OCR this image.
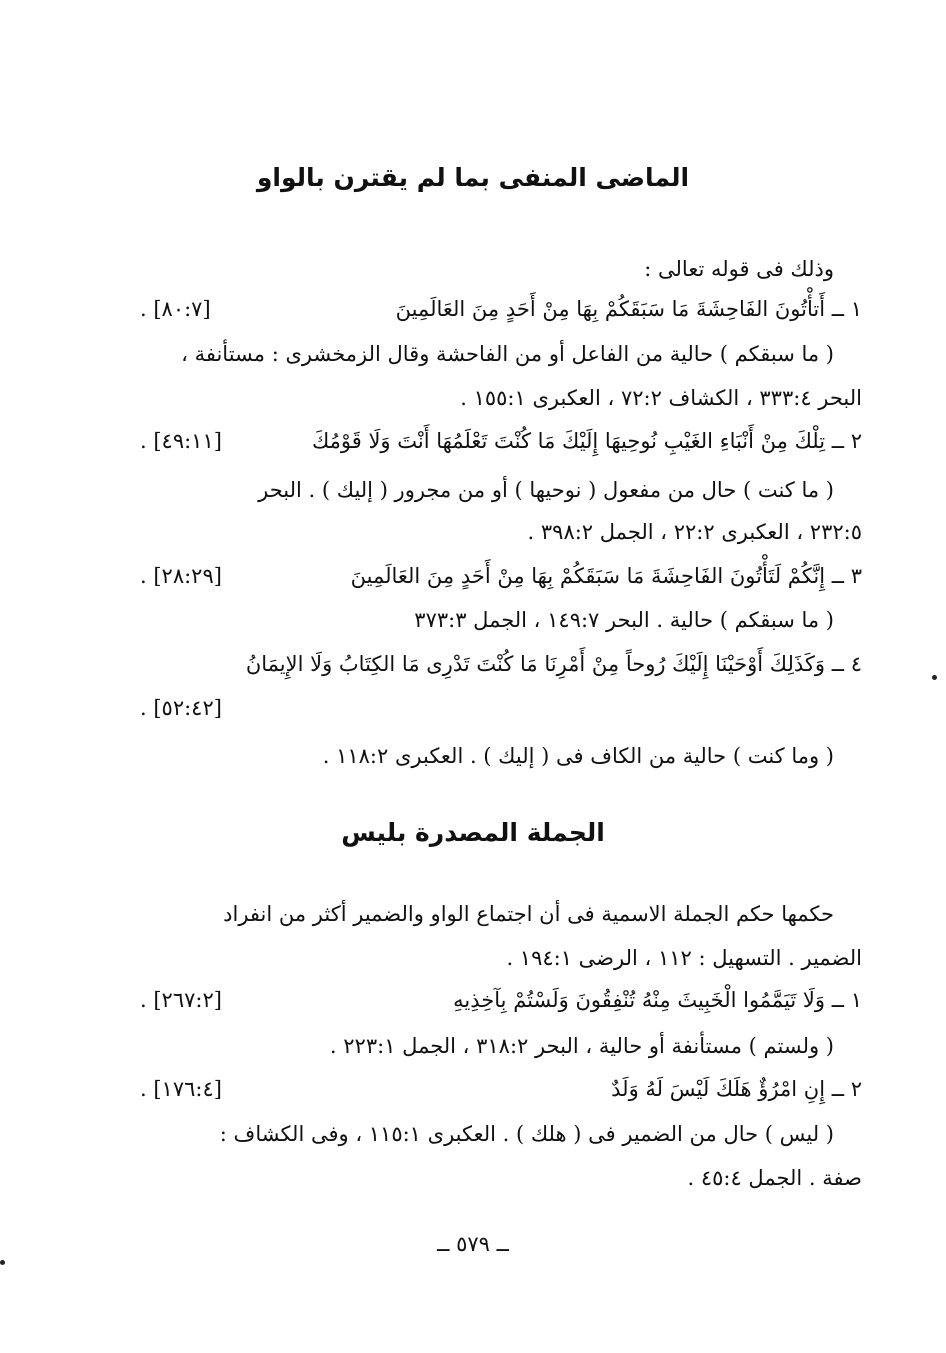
الماضى المنفى بما لم يقترن بالواو
وذلك فى قوله تعالى :
١ ــ أَتأْتُونَ الفَاحِشَةَ مَا سَبَقَكُمْ بِهَا مِنْ أَحَدٍ مِنَ العَالَمِينَ
. [٨٠:٧]
( ما سبقكم ) حالية من الفاعل أو من الفاحشة وقال الزمخشرى : مستأنفة ،
البحر ٣٣٣:٤ ، الكشاف ٧٢:٢ ، العكبرى ١٥٥:١ .
٢ ــ تِلْكَ مِنْ أَنْبَاءِ الغَيْبِ نُوحِيهَا إِلَيْكَ مَا كُنْتَ تَعْلَمُهَا أَنْتَ وَلَا قَوْمُكَ
. [٤٩:١١]
( ما كنت ) حال من مفعول ( نوحيها ) أو من مجرور ( إليك ) . البحر
٢٣٢:٥ ، العكبرى ٢٢:٢ ، الجمل ٣٩٨:٢ .
٣ ــ إِنَّكُمْ لَتَأْتُونَ الفَاحِشَةَ مَا سَبَقَكُمْ بِهَا مِنْ أَحَدٍ مِنَ العَالَمِينَ
. [٢٨:٢٩]
( ما سبقكم ) حالية . البحر ١٤٩:٧ ، الجمل ٣٧٣:٣
٤ ــ وَكَذَلِكَ أَوْحَيْنَا إِلَيْكَ رُوحاً مِنْ أَمْرِنَا مَا كُنْتَ تَدْرِى مَا الكِتَابُ وَلَا الإِيمَانُ
. [٥٢:٤٢]
( وما كنت ) حالية من الكاف فى ( إليك ) . العكبرى ١١٨:٢ .
الجملة المصدرة بليس
حكمها حكم الجملة الاسمية فى أن اجتماع الواو والضمير أكثر من انفراد
الضمير . التسهيل : ١١٢ ، الرضى ١٩٤:١ .
١ ــ وَلَا تَيَمَّمُوا الْخَبِيثَ مِنْهُ تُنْفِقُونَ وَلَسْتُمْ بِآخِذِيهِ
. [٢٦٧:٢]
( ولستم ) مستأنفة أو حالية ، البحر ٣١٨:٢ ، الجمل ٢٢٣:١ .
٢ ــ إِنِ امْرُؤٌ هَلَكَ لَيْسَ لَهُ وَلَدٌ
. [١٧٦:٤]
( ليس ) حال من الضمير فى ( هلك ) . العكبرى ١١٥:١ ، وفى الكشاف :
صفة . الجمل ٤٥:٤ .
ــ ٥٧٩ ــ
